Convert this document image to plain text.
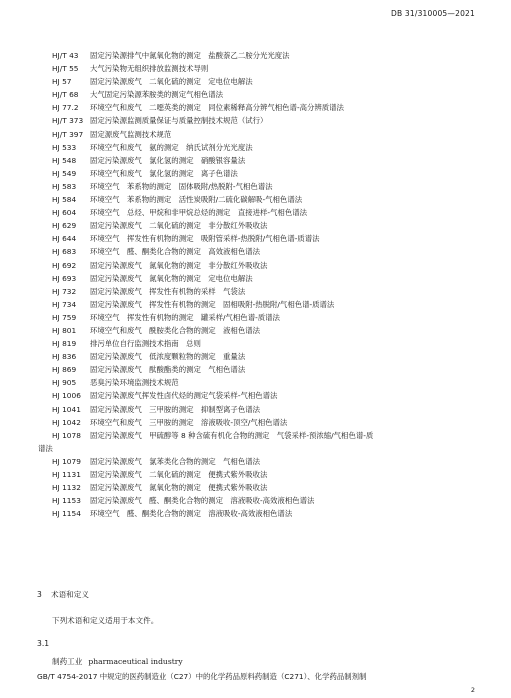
DB 31/310005—2021
HJ/T 43 固定污染源排气中氮氧化物的测定　盐酸萘乙二胺分光光度法
HJ/T 55 大气污染物无组织排放监测技术导则
HJ 57	固定污染源废气　二氧化硫的测定　定电位电解法
HJ/T 68 大气固定污染源苯胺类的测定气相色谱法
HJ 77.2 环境空气和废气　二噁英类的测定　同位素稀释高分辨气相色谱-高分辨质谱法
HJ/T 373 固定污染源监测质量保证与质量控制技术规范（试行）
HJ/T 397 固定源废气监测技术规范
HJ 533 环境空气和废气　氨的测定　纳氏试剂分光光度法
HJ 548 固定污染源废气　氯化氢的测定　硝酸银容量法
HJ 549 环境空气和废气　氯化氢的测定　离子色谱法
HJ 583 环境空气　苯系物的测定　固体吸附/热脱附-气相色谱法
HJ 584 环境空气　苯系物的测定　活性炭吸附/二硫化碳解吸-气相色谱法
HJ 604 环境空气　总烃、甲烷和非甲烷总烃的测定　直接进样-气相色谱法
HJ 629 固定污染源废气　二氧化硫的测定　非分散红外吸收法
HJ 644 环境空气　挥发性有机物的测定　吸附管采样-热脱附/气相色谱-质谱法
HJ 683 环境空气　醛、酮类化合物的测定　高效液相色谱法
HJ 692 固定污染源废气　氮氧化物的测定　非分散红外吸收法
HJ 693 固定污染源废气　氮氧化物的测定　定电位电解法
HJ 732 固定污染源废气　挥发性有机物的采样　气袋法
HJ 734 固定污染源废气　挥发性有机物的测定　固相吸附-热脱附/气相色谱-质谱法
HJ 759 环境空气　挥发性有机物的测定　罐采样/气相色谱-质谱法
HJ 801 环境空气和废气　酰胺类化合物的测定　液相色谱法
HJ 819 排污单位自行监测技术指南　总则
HJ 836 固定污染源废气　低浓度颗粒物的测定　重量法
HJ 869 固定污染源废气　酞酸酯类的测定　气相色谱法
HJ 905 恶臭污染环境监测技术规范
HJ 1006 固定污染源废气挥发性卤代烃的测定气袋采样-气相色谱法
HJ 1041 固定污染源废气　三甲胺的测定　抑制型离子色谱法
HJ 1042 环境空气和废气　三甲胺的测定　溶液吸收-顶空/气相色谱法
HJ 1078 固定污染源废气　甲硫醇等 8 种含硫有机化合物的测定　气袋采样-预浓缩/气相色谱-质
谱法
HJ 1079 固定污染源废气　氯苯类化合物的测定　气相色谱法
HJ 1131 固定污染源废气　二氧化硫的测定　便携式紫外吸收法
HJ 1132 固定污染源废气　氮氧化物的测定　便携式紫外吸收法
HJ 1153 固定污染源废气　醛、酮类化合物的测定　溶液吸收-高效液相色谱法
HJ 1154 环境空气　醛、酮类化合物的测定　溶液吸收-高效液相色谱法
3 术语和定义
下列术语和定义适用于本文件。
3.1
制药工业 pharmaceutical industry
GB/T 4754-2017 中规定的医药制造业（C27）中的化学药品原料药制造（C271）、化学药品制剂制
2
